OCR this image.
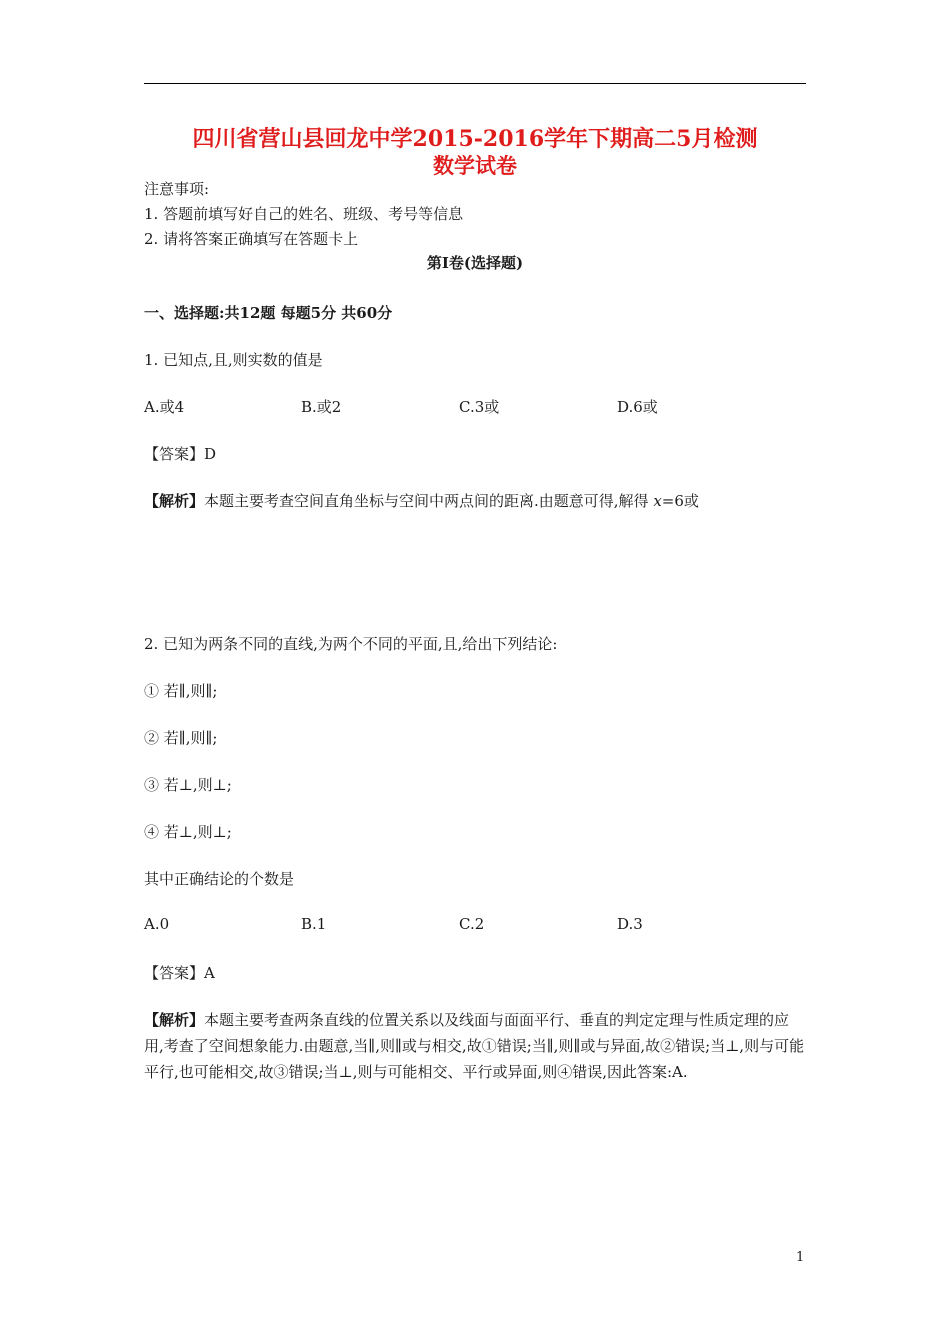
四川省营山县回龙中学2015-2016学年下期高二5月检测
数学试卷
注意事项:
1. 答题前填写好自己的姓名、班级、考号等信息
2. 请将答案正确填写在答题卡上
第I卷(选择题)
一、选择题:共12题 每题5分 共60分
1. 已知点,且,则实数的值是
A.或4	B.或2	C.3或	D.6或
【答案】D
【解析】本题主要考查空间直角坐标与空间中两点间的距离.由题意可得,解得 x=6或
2. 已知为两条不同的直线,为两个不同的平面,且,给出下列结论:
① 若∥,则∥;
② 若∥,则∥;
③ 若⊥,则⊥;
④ 若⊥,则⊥;
其中正确结论的个数是
A.0	B.1	C.2	D.3
【答案】A
【解析】本题主要考查两条直线的位置关系以及线面与面面平行、垂直的判定定理与性质定理的应用,考查了空间想象能力.由题意,当∥,则∥或与相交,故①错误;当∥,则∥或与异面,故②错误;当⊥,则与可能平行,也可能相交,故③错误;当⊥,则与可能相交、平行或异面,则④错误,因此答案:A.
1
